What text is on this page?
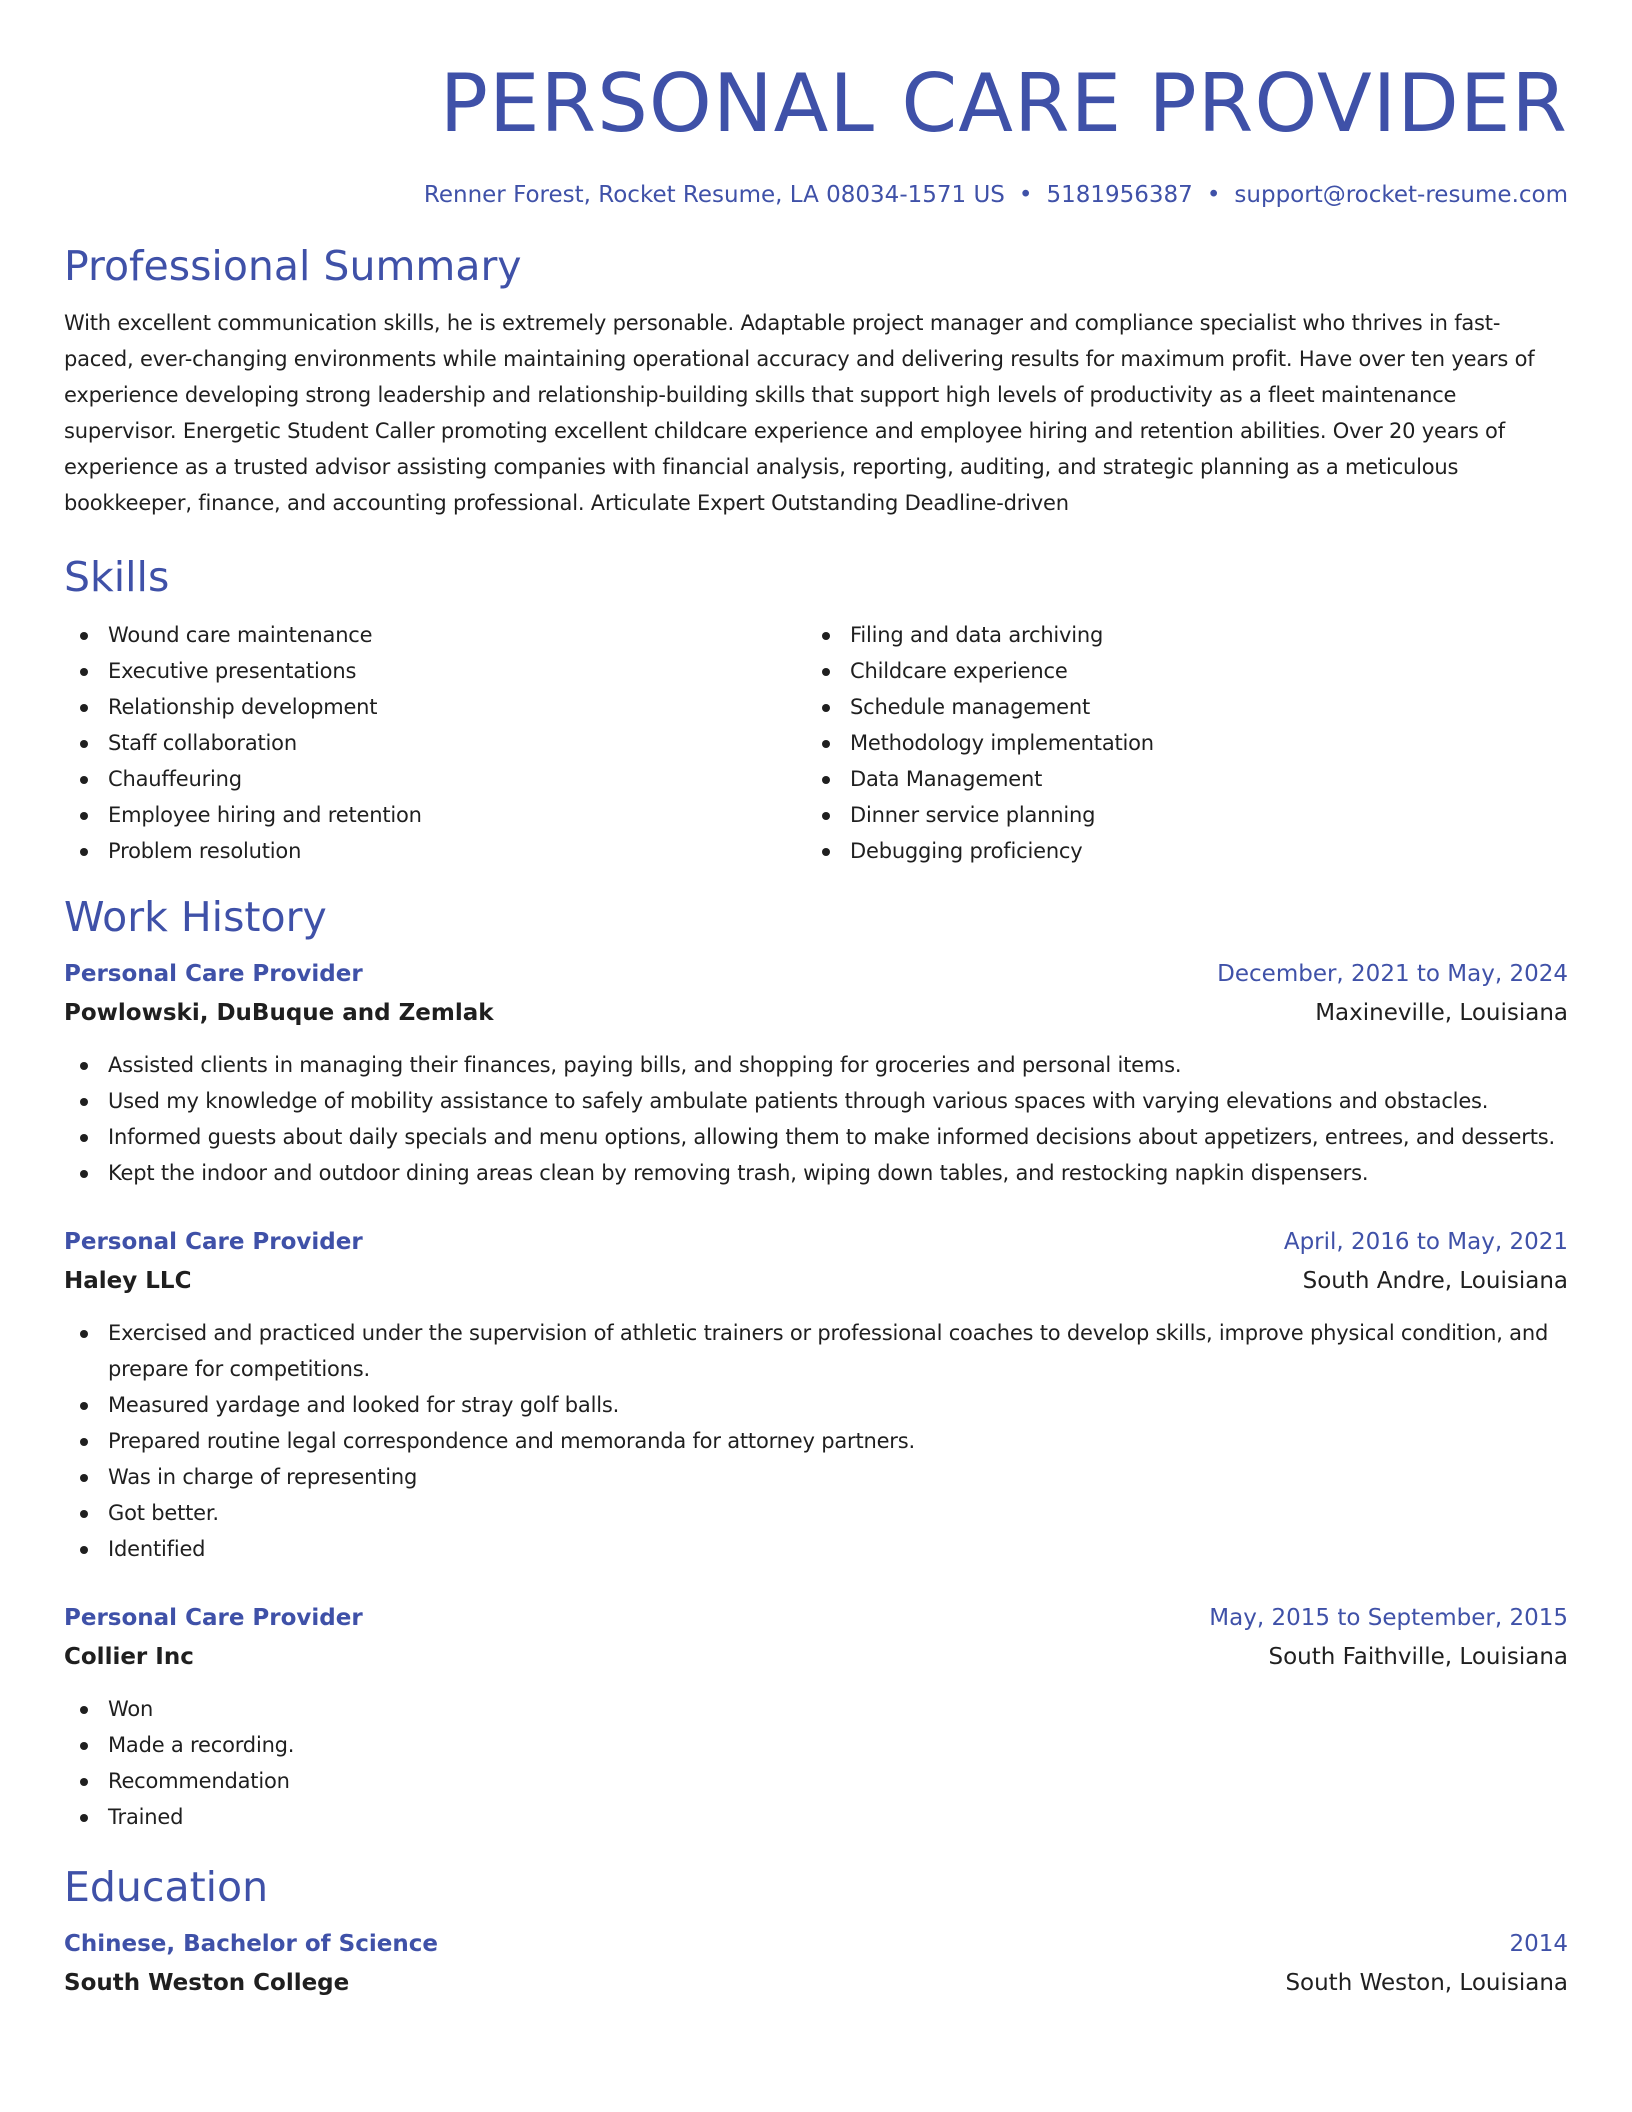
PERSONAL CARE PROVIDER
Renner Forest, Rocket Resume, LA 08034-1571 US • 5181956387 • support@rocket-resume.com
Professional Summary
With excellent communication skills, he is extremely personable. Adaptable project manager and compliance specialist who thrives in fast-paced, ever-changing environments while maintaining operational accuracy and delivering results for maximum profit. Have over ten years of experience developing strong leadership and relationship-building skills that support high levels of productivity as a fleet maintenance supervisor. Energetic Student Caller promoting excellent childcare experience and employee hiring and retention abilities. Over 20 years of experience as a trusted advisor assisting companies with financial analysis, reporting, auditing, and strategic planning as a meticulous bookkeeper, finance, and accounting professional. Articulate Expert Outstanding Deadline-driven
Skills
Wound care maintenance
Executive presentations
Relationship development
Staff collaboration
Chauffeuring
Employee hiring and retention
Problem resolution
Filing and data archiving
Childcare experience
Schedule management
Methodology implementation
Data Management
Dinner service planning
Debugging proficiency
Work History
Personal Care Provider	December, 2021 to May, 2024
Powlowski, DuBuque and Zemlak	Maxineville, Louisiana
Assisted clients in managing their finances, paying bills, and shopping for groceries and personal items.
Used my knowledge of mobility assistance to safely ambulate patients through various spaces with varying elevations and obstacles.
Informed guests about daily specials and menu options, allowing them to make informed decisions about appetizers, entrees, and desserts.
Kept the indoor and outdoor dining areas clean by removing trash, wiping down tables, and restocking napkin dispensers.
Personal Care Provider	April, 2016 to May, 2021
Haley LLC	South Andre, Louisiana
Exercised and practiced under the supervision of athletic trainers or professional coaches to develop skills, improve physical condition, and prepare for competitions.
Measured yardage and looked for stray golf balls.
Prepared routine legal correspondence and memoranda for attorney partners.
Was in charge of representing
Got better.
Identified
Personal Care Provider	May, 2015 to September, 2015
Collier Inc	South Faithville, Louisiana
Won
Made a recording.
Recommendation
Trained
Education
Chinese, Bachelor of Science	2014
South Weston College	South Weston, Louisiana
